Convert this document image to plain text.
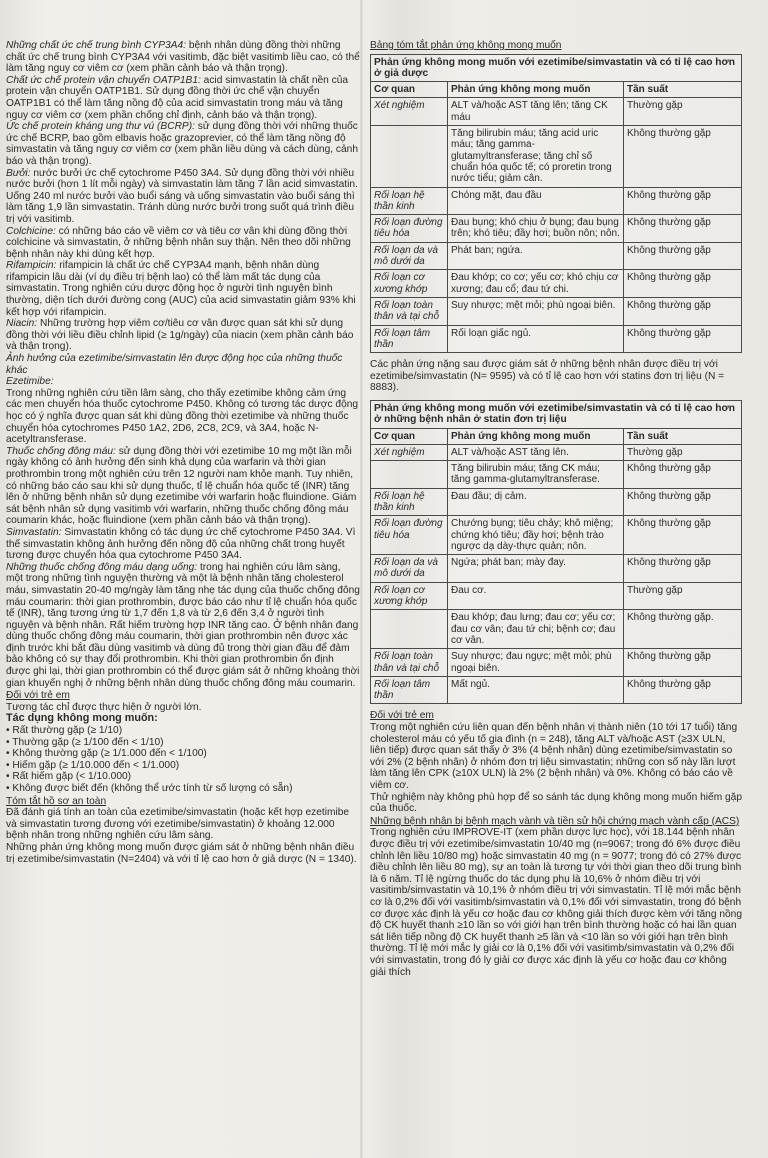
Những chất ức chế trung bình CYP3A4: bệnh nhân dùng đồng thời những chất ức chế trung bình CYP3A4 với vasitimb, đặc biệt vasitimb liều cao, có thể làm tăng nguy cơ viêm cơ (xem phần cảnh báo và thận trọng).
Chất ức chế protein vận chuyển OATP1B1: acid simvastatin là chất nền của protein vận chuyển OATP1B1. Sử dụng đồng thời ức chế vận chuyển OATP1B1 có thể làm tăng nồng độ của acid simvastatin trong máu và tăng nguy cơ viêm cơ (xem phần chống chỉ định, cảnh báo và thận trọng).
Ức chế protein kháng ung thư vú (BCRP): sử dụng đồng thời với những thuốc ức chế BCRP, bao gồm elbavis hoặc grazoprevier, có thể làm tăng nồng độ simvastatin và tăng nguy cơ viêm cơ (xem phần liều dùng và cách dùng, cảnh báo và thận trọng).
Bưởi: nước bưởi ức chế cytochrome P450 3A4. Sử dụng đồng thời với nhiều nước bưởi (hơn 1 lít mỗi ngày) và simvastatin làm tăng 7 lần acid simvastatin. Uống 240 ml nước bưởi vào buổi sáng và uống simvastatin vào buổi sáng thì làm tăng 1,9 lần simvastatin. Tránh dùng nước bưởi trong suốt quá trình điều trị với vasitimb.
Colchicine: có những báo cáo về viêm cơ và tiêu cơ vân khi dùng đồng thời colchicine và simvastatin, ở những bệnh nhân suy thận. Nên theo dõi những bệnh nhân này khi dùng kết hợp.
Rifampicin: rifampicin là chất ức chế CYP3A4 mạnh, bệnh nhân dùng rifampicin lâu dài (ví dụ điều trị bệnh lao) có thể làm mất tác dụng của simvastatin. Trong nghiên cứu dược động học ở người tình nguyện bình thường, diện tích dưới đường cong (AUC) của acid simvastatin giảm 93% khi kết hợp với rifampicin.
Niacin: Những trường hợp viêm cơ/tiêu cơ vân được quan sát khi sử dụng đồng thời với liều điều chỉnh lipid (≥ 1g/ngày) của niacin (xem phần cảnh báo và thận trọng).
Ảnh hưởng của ezetimibe/simvastatin lên được động học của những thuốc khác
Ezetimibe:
Trong những nghiên cứu tiền lâm sàng, cho thấy ezetimibe không cảm ứng các men chuyển hóa thuốc cytochrome P450. Không có tương tác dược động học có ý nghĩa được quan sát khi dùng đồng thời ezetimibe và những thuốc chuyển hóa cytochromes P450 1A2, 2D6, 2C8, 2C9, và 3A4, hoặc N-acetyltransferase.
Thuốc chống đông máu: sử dụng đồng thời với ezetimibe 10 mg một lần mỗi ngày không có ảnh hưởng đến sinh khả dụng của warfarin và thời gian prothrombin trong một nghiên cứu trên 12 người nam khỏe mạnh. Tuy nhiên, có những báo cáo sau khi sử dụng thuốc, tỉ lệ chuẩn hóa quốc tế (INR) tăng lên ở những bệnh nhân sử dụng ezetimibe với warfarin hoặc fluindione. Giám sát bệnh nhân sử dụng vasitimb với warfarin, những thuốc chống đông máu coumarin khác, hoặc fluindione (xem phần cảnh báo và thận trọng).
Simvastatin: Simvastatin không có tác dụng ức chế cytochrome P450 3A4. Vì thế simvastatin không ảnh hưởng đến nồng độ của những chất trong huyết tương được chuyển hóa qua cytochrome P450 3A4.
Những thuốc chống đông máu dạng uống: trong hai nghiên cứu lâm sàng, một trong những tình nguyện thường và một là bệnh nhân tăng cholesterol máu, simvastatin 20-40 mg/ngày làm tăng nhẹ tác dụng của thuốc chống đông máu coumarin: thời gian prothrombin, được báo cáo như tỉ lệ chuẩn hóa quốc tế (INR), tăng tương ứng từ 1,7 đến 1,8 và từ 2,6 đến 3,4 ở người tình nguyện và bệnh nhân. Rất hiếm trường hợp INR tăng cao. Ở bệnh nhân đang dùng thuốc chống đông máu coumarin, thời gian prothrombin nên được xác định trước khi bắt đầu dùng vasitimb và dùng đủ trong thời gian đầu để đảm bảo không có sự thay đổi prothrombin. Khi thời gian prothrombin ổn định được ghi lại, thời gian prothrombin có thể được giám sát ở những khoảng thời gian khuyến nghị ở những bệnh nhân dùng thuốc chống đông máu coumarin.
Đối với trẻ em
Tương tác chỉ được thực hiện ở người lớn.
Tác dụng không mong muốn:
• Rất thường gặp (≥ 1/10)
• Thường gặp (≥ 1/100 đến < 1/10)
• Không thường gặp (≥ 1/1.000 đến < 1/100)
• Hiếm gặp (≥ 1/10.000 đến < 1/1.000)
• Rất hiếm gặp (< 1/10.000)
• Không được biết đến (không thể ước tính từ số lượng có sẵn)
Tóm tắt hồ sơ an toàn
Đã đánh giá tính an toàn của ezetimibe/simvastatin (hoặc kết hợp ezetimibe và simvastatin tương đương với ezetimibe/simvastatin) ở khoảng 12.000 bệnh nhân trong những nghiên cứu lâm sàng.
Những phản ứng không mong muốn được giám sát ở những bệnh nhân điều trị ezetimibe/simvastatin (N=2404) và với tỉ lệ cao hơn ở giả dược (N = 1340).
Bảng tóm tắt phản ứng không mong muốn
Phản ứng không mong muốn với ezetimibe/simvastatin và có tỉ lệ cao hơn ở giả dược		
Cơ quan	Phản ứng không mong muốn	Tần suất
Xét nghiệm	ALT và/hoặc AST tăng lên; tăng CK máu	Thường gặp
	Tăng bilirubin máu; tăng acid uric máu; tăng gamma-glutamyltransferase; tăng chỉ số chuẩn hóa quốc tế; có proretin trong nước tiểu; giảm cân.	Không thường gặp
Rối loạn hệ thần kinh	Chóng mặt, đau đầu	Không thường gặp
Rối loạn đường tiêu hóa	Đau bụng; khó chịu ở bụng; đau bụng trên; khó tiêu; đầy hơi; buồn nôn; nôn.	Không thường gặp
Rối loạn da và mô dưới da	Phát ban; ngứa.	Không thường gặp
Rối loạn cơ xương khớp	Đau khớp; co cơ; yếu cơ; khó chịu cơ xương; đau cổ; đau tứ chi.	Không thường gặp
Rối loạn toàn thân và tại chỗ	Suy nhược; mệt mỏi; phù ngoại biên.	Không thường gặp
Rối loạn tâm thần	Rối loạn giấc ngủ.	Không thường gặp
Các phản ứng nặng sau được giám sát ở những bệnh nhân được điều trị với ezetimibe/simvastatin (N= 9595) và có tỉ lệ cao hơn với statins đơn trị liệu (N = 8883).
Phản ứng không mong muốn với ezetimibe/simvastatin và có tỉ lệ cao hơn ở những bệnh nhân ở statin đơn trị liệu		
Cơ quan	Phản ứng không mong muốn	Tần suất
Xét nghiệm	ALT và/hoặc AST tăng lên.	Thường gặp
	Tăng bilirubin máu; tăng CK máu; tăng gamma-glutamyltransferase.	Không thường gặp
Rối loạn hệ thần kinh	Đau đầu; dị cảm.	Không thường gặp
Rối loạn đường tiêu hóa	Chướng bụng; tiêu chảy; khô miệng; chứng khó tiêu; đầy hơi; bệnh trào ngược dạ dày-thực quản; nôn.	Không thường gặp
Rối loạn da và mô dưới da	Ngứa; phát ban; mày đay.	Không thường gặp
Rối loạn cơ xương khớp	Đau cơ.	Thường gặp
	Đau khớp; đau lưng; đau cơ; yếu cơ; đau cơ vân; đau tứ chi; bệnh cơ; đau cơ vân.	Không thường gặp.
Rối loạn toàn thân và tại chỗ	Suy nhược; đau ngực; mệt mỏi; phù ngoại biên.	Không thường gặp
Rối loạn tâm thần	Mất ngủ.	Không thường gặp
Đối với trẻ em
Trong một nghiên cứu liên quan đến bệnh nhân vị thành niên (10 tới 17 tuổi) tăng cholesterol máu có yếu tố gia đình (n = 248), tăng ALT và/hoặc AST (≥3X ULN, liên tiếp) được quan sát thấy ở 3% (4 bệnh nhân) dùng ezetimibe/simvastatin so với 2% (2 bệnh nhân) ở nhóm đơn trị liệu simvastatin; những con số này lần lượt làm tăng lên CPK (≥10X ULN) là 2% (2 bệnh nhân) và 0%. Không có báo cáo về viêm cơ.
Thử nghiệm này không phù hợp để so sánh tác dụng không mong muốn hiếm gặp của thuốc.
Những bệnh nhân bị bệnh mạch vành và tiền sử hội chứng mạch vành cấp (ACS)
Trong nghiên cứu IMPROVE-IT (xem phần dược lực học), với 18.144 bệnh nhân được điều trị với ezetimibe/simvastatin 10/40 mg (n=9067; trong đó 6% được điều chỉnh lên liều 10/80 mg) hoặc simvastatin 40 mg (n = 9077; trong đó có 27% được điều chỉnh lên liều 80 mg), sự an toàn là tương tự với thời gian theo dõi trung bình là 6 năm. Tỉ lệ ngừng thuốc do tác dụng phụ là 10,6% ở nhóm điều trị với vasitimb/simvastatin và 10,1% ở nhóm điều trị với simvastatin. Tỉ lệ mới mắc bệnh cơ là 0,2% đối với vasitimb/simvastatin và 0,1% đối với simvastatin, trong đó bệnh cơ được xác định là yếu cơ hoặc đau cơ không giải thích được kèm với tăng nồng độ CK huyết thanh ≥10 lần so với giới hạn trên bình thường hoặc có hai lần quan sát liên tiếp nồng độ CK huyết thanh ≥5 lần và <10 lần so với giới hạn trên bình thường. Tỉ lệ mới mắc ly giải cơ là 0,1% đối với vasitimb/simvastatin và 0,2% đối với simvastatin, trong đó ly giải cơ được xác định là yếu cơ hoặc đau cơ không giải thích
